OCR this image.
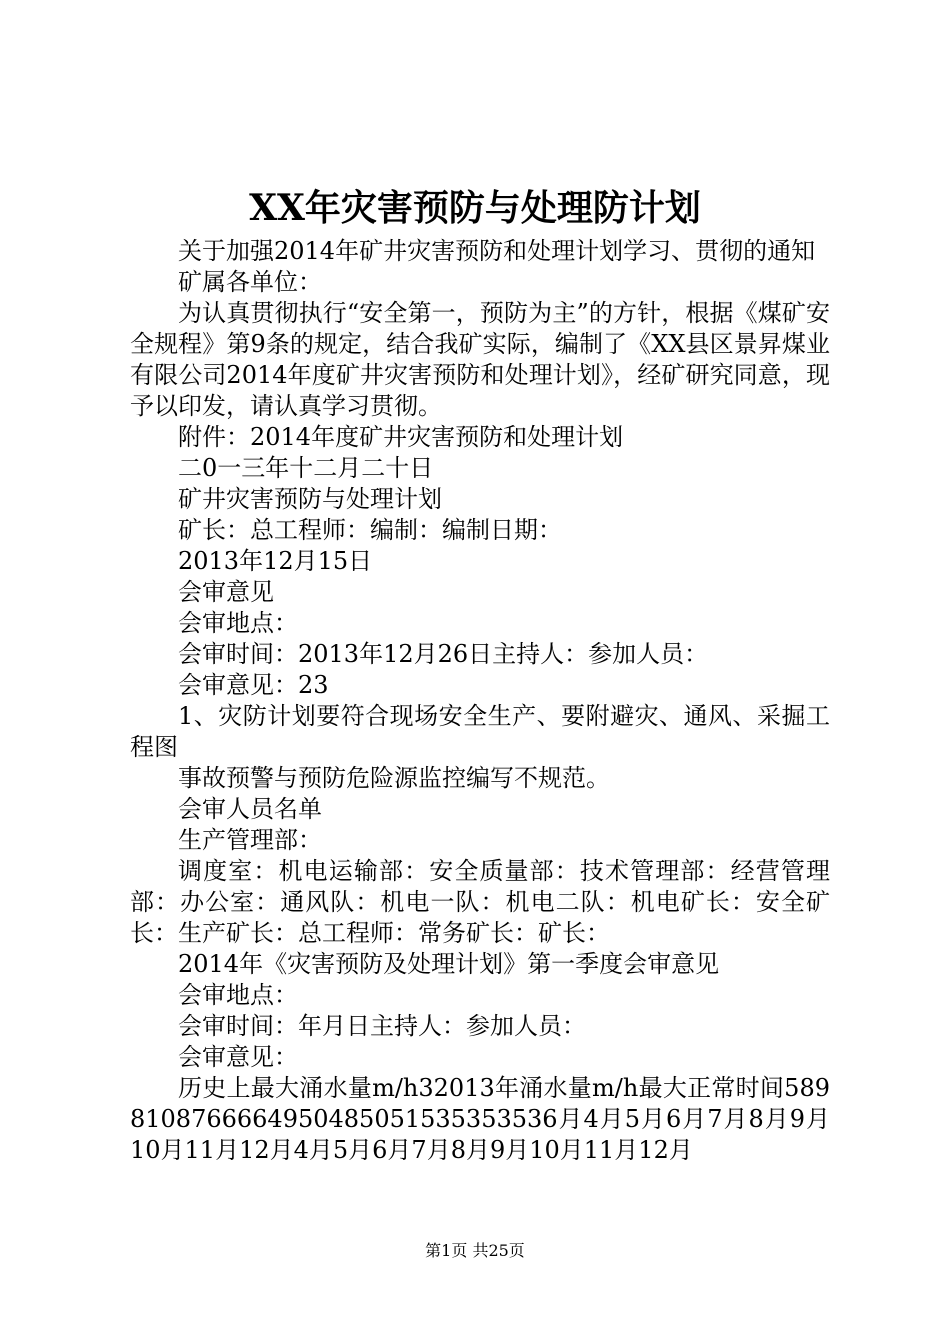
XX年灾害预防与处理防计划

关于加强2014年矿井灾害预防和处理计划学习、贯彻的通知

矿属各单位：

为认真贯彻执行“安全第一，预防为主”的方针，根据《煤矿安全规程》第9条的规定，结合我矿实际，编制了《XX县区景昇煤业有限公司2014年度矿井灾害预防和处理计划》，经矿研究同意，现予以印发，请认真学习贯彻。

附件：2014年度矿井灾害预防和处理计划

二0一三年十二月二十日

矿井灾害预防与处理计划

矿长：总工程师：编制：编制日期：

2013年12月15日

会审意见

会审地点：

会审时间：2013年12月26日主持人：参加人员：

会审意见：23

1、灾防计划要符合现场安全生产、要附避灾、通风、采掘工程图

事故预警与预防危险源监控编写不规范。

会审人员名单

生产管理部：

调度室：机电运输部：安全质量部：技术管理部：经营管理部：办公室：通风队：机电一队：机电二队：机电矿长：安全矿长：生产矿长：总工程师：常务矿长：矿长：

2014年《灾害预防及处理计划》第一季度会审意见

会审地点：

会审时间：年月日主持人：参加人员：

会审意见：

历史上最大涌水量m/h32013年涌水量m/h最大正常时间5898108766664950485051535353536月4月5月6月7月8月9月10月11月12月4月5月6月7月8月9月10月11月12月

第1页 共25页
